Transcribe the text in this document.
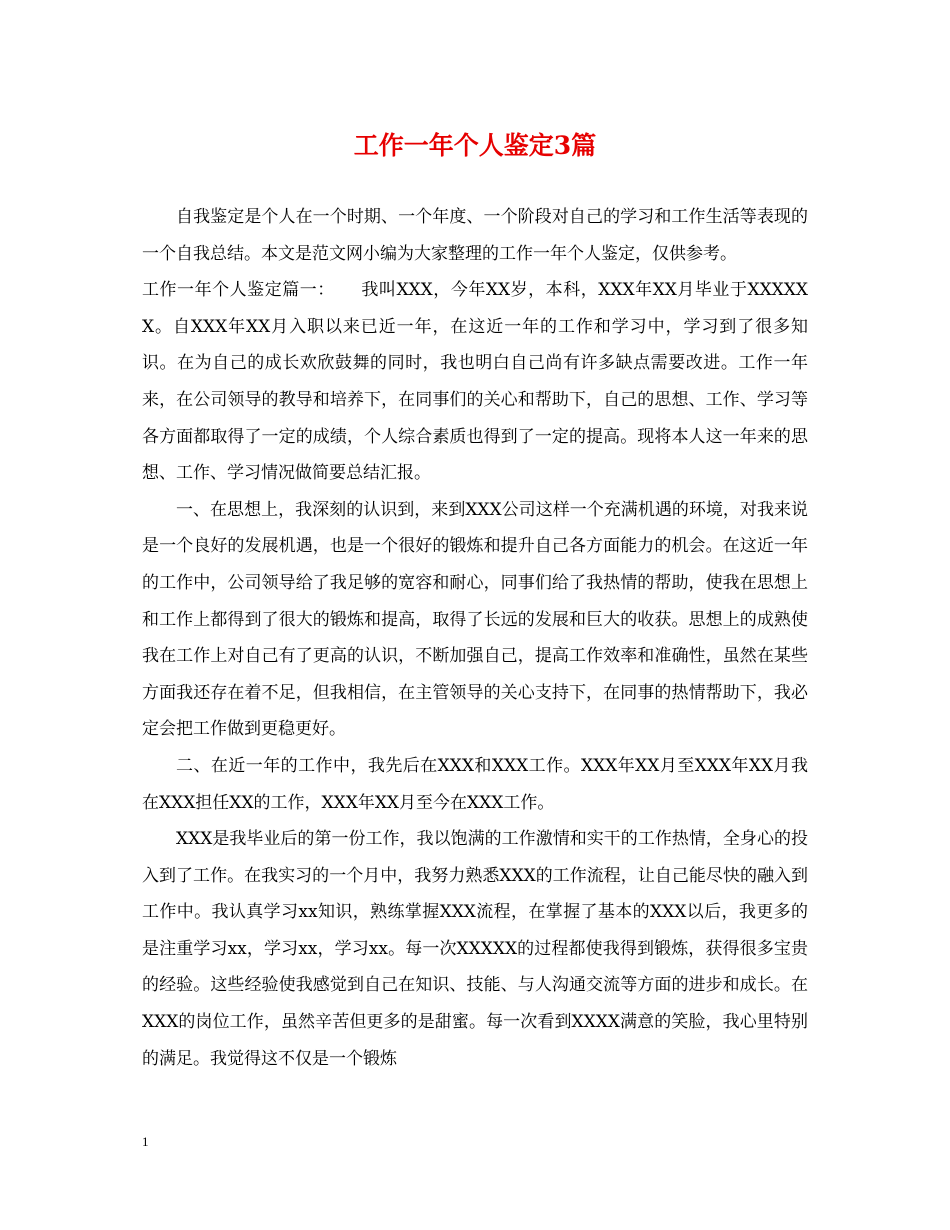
工作一年个人鉴定3篇

自我鉴定是个人在一个时期、一个年度、一个阶段对自己的学习和工作生活等表现的一个自我总结。本文是范文网小编为大家整理的工作一年个人鉴定，仅供参考。

工作一年个人鉴定篇一：　　我叫XXX，今年XX岁，本科，XXX年XX月毕业于XXXXXX。自XXX年XX月入职以来已近一年，在这近一年的工作和学习中，学习到了很多知识。在为自己的成长欢欣鼓舞的同时，我也明白自己尚有许多缺点需要改进。工作一年来，在公司领导的教导和培养下，在同事们的关心和帮助下，自己的思想、工作、学习等各方面都取得了一定的成绩，个人综合素质也得到了一定的提高。现将本人这一年来的思想、工作、学习情况做简要总结汇报。

一、在思想上，我深刻的认识到，来到XXX公司这样一个充满机遇的环境，对我来说是一个良好的发展机遇，也是一个很好的锻炼和提升自己各方面能力的机会。在这近一年的工作中，公司领导给了我足够的宽容和耐心，同事们给了我热情的帮助，使我在思想上和工作上都得到了很大的锻炼和提高，取得了长远的发展和巨大的收获。思想上的成熟使我在工作上对自己有了更高的认识，不断加强自己，提高工作效率和准确性，虽然在某些方面我还存在着不足，但我相信，在主管领导的关心支持下，在同事的热情帮助下，我必定会把工作做到更稳更好。

二、在近一年的工作中，我先后在XXX和XXX工作。XXX年XX月至XXX年XX月我在XXX担任XX的工作，XXX年XX月至今在XXX工作。

XXX是我毕业后的第一份工作，我以饱满的工作激情和实干的工作热情，全身心的投入到了工作。在我实习的一个月中，我努力熟悉XXX的工作流程，让自己能尽快的融入到工作中。我认真学习xx知识，熟练掌握XXX流程，在掌握了基本的XXX以后，我更多的是注重学习xx，学习xx，学习xx。每一次XXXXX的过程都使我得到锻炼，获得很多宝贵的经验。这些经验使我感觉到自己在知识、技能、与人沟通交流等方面的进步和成长。在XXX的岗位工作，虽然辛苦但更多的是甜蜜。每一次看到XXXX满意的笑脸，我心里特别的满足。我觉得这不仅是一个锻炼

1
